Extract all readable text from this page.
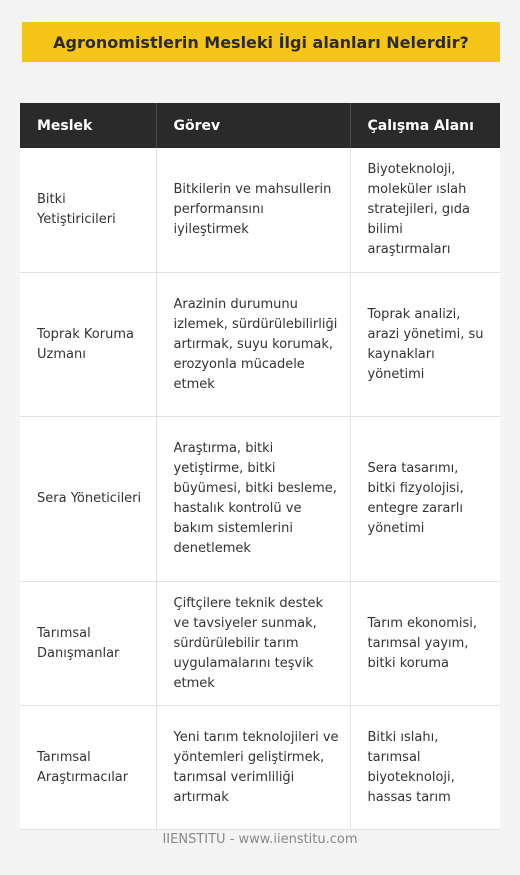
Agronomistlerin Mesleki İlgi alanları Nelerdir?
Meslek	Görev	Çalışma Alanı
Bitki Yetiştiricileri	Bitkilerin ve mahsullerin performansını iyileştirmek	Biyoteknoloji, moleküler ıslah stratejileri, gıda bilimi araştırmaları
Toprak Koruma Uzmanı	Arazinin durumunu izlemek, sürdürülebilirliği artırmak, suyu korumak, erozyonla mücadele etmek	Toprak analizi, arazi yönetimi, su kaynakları yönetimi
Sera Yöneticileri	Araştırma, bitki yetiştirme, bitki büyümesi, bitki besleme, hastalık kontrolü ve bakım sistemlerini denetlemek	Sera tasarımı, bitki fizyolojisi, entegre zararlı yönetimi
Tarımsal Danışmanlar	Çiftçilere teknik destek ve tavsiyeler sunmak, sürdürülebilir tarım uygulamalarını teşvik etmek	Tarım ekonomisi, tarımsal yayım, bitki koruma
Tarımsal Araştırmacılar	Yeni tarım teknolojileri ve yöntemleri geliştirmek, tarımsal verimliliği artırmak	Bitki ıslahı, tarımsal biyoteknoloji, hassas tarım
IIENSTITU - www.iienstitu.com
